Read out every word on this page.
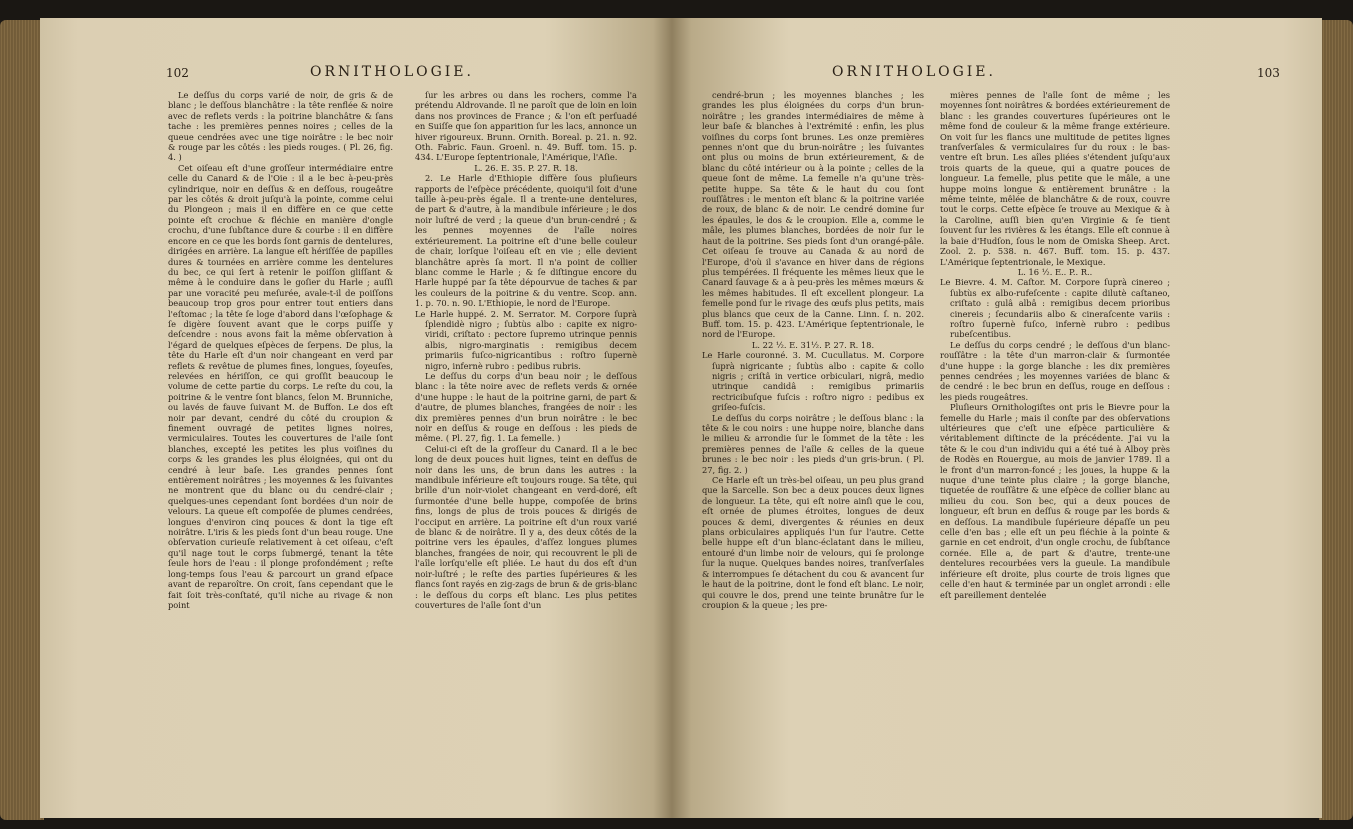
102	ORNITHOLOGIE.

Le deſſus du corps varié de noir, de gris & de blanc ; le deſſous blanchâtre : la tête renflée & noire avec de reflets verds : la poitrine blanchâtre & ſans tache : les premières pennes noires ; celles de la queue cendrées avec une tige noirâtre : le bec noir & rouge par les côtés : les pieds rouges. ( Pl. 26, fig. 4. )

Cet oiſeau eſt d'une groſſeur intermédiaire entre celle du Canard & de l'Oie : il a le bec à-peu-près cylindrique, noir en deſſus & en deſſous, rougeâtre par les côtés & droit juſqu'à la pointe, comme celui du Plongeon ; mais il en diffère en ce que cette pointe eſt crochue & fléchie en manière d'ongle crochu, d'une ſubſtance dure & courbe : il en diffère encore en ce que les bords ſont garnis de dentelures, dirigées en arrière. La langue eſt hériſſée de papilles dures & tournées en arrière comme les dentelures du bec, ce qui ſert à retenir le poiſſon gliſſant & même à le conduire dans le goſier du Harle ; auſſi par une voracité peu meſurée, avale-t-il de poiſſons beaucoup trop gros pour entrer tout entiers dans l'eſtomac ; la tête ſe loge d'abord dans l'œſophage & ſe digère ſouvent avant que le corps puiſſe y deſcendre : nous avons fait la même obſervation à l'égard de quelques eſpèces de ſerpens. De plus, la tête du Harle eſt d'un noir changeant en verd par reflets & revêtue de plumes fines, longues, ſoyeuſes, relevées en hériſſon, ce qui groſſit beaucoup le volume de cette partie du corps. Le reſte du cou, la poitrine & le ventre ſont blancs, ſelon M. Brunniche, ou lavés de fauve ſuivant M. de Buffon. Le dos eſt noir par devant, cendré du côté du croupion & finement ouvragé de petites lignes noires, vermiculaires. Toutes les couvertures de l'aile ſont blanches, excepté les petites les plus voiſines du corps & les grandes les plus éloignées, qui ont du cendré à leur baſe. Les grandes pennes ſont entièrement noirâtres ; les moyennes & les ſuivantes ne montrent que du blanc ou du cendré-clair ; quelques-unes cependant ſont bordées d'un noir de velours. La queue eſt compoſée de plumes cendrées, longues d'environ cinq pouces & dont la tige eſt noirâtre. L'iris & les pieds ſont d'un beau rouge. Une obſervation curieuſe relativement à cet oiſeau, c'eſt qu'il nage tout le corps ſubmergé, tenant la tête ſeule hors de l'eau : il plonge profondément ; reſte long-temps ſous l'eau & parcourt un grand eſpace avant de reparoître. On croit, ſans cependant que le fait ſoit très-conſtaté, qu'il niche au rivage & non point

ſur les arbres ou dans les rochers, comme l'a prétendu Aldrovande. Il ne paroît que de loin en loin dans nos provinces de France ; & l'on eſt perſuadé en Suiſſe que ſon apparition ſur les lacs, annonce un hiver rigoureux. Brunn. Ornith. Boreal. p. 21. n. 92. Oth. Fabric. Faun. Groenl. n. 49. Buff. tom. 15. p. 434. L'Europe ſeptentrionale, l'Amérique, l'Aſie.

L. 26. E. 35. P. 27. R. 18.

2. Le Harle d'Ethiopie diffère ſous pluſieurs rapports de l'eſpèce précédente, quoiqu'il ſoit d'une taille à-peu-près égale. Il a trente-une dentelures, de part & d'autre, à la mandibule inférieure ; le dos noir luſtré de verd ; la queue d'un brun-cendré ; & les pennes moyennes de l'aîle noires extérieurement. La poitrine eſt d'une belle couleur de chair, lorſque l'oiſeau eſt en vie ; elle devient blanchâtre après ſa mort. Il n'a point de collier blanc comme le Harle ; & ſe diſtingue encore du Harle huppé par ſa tête dépourvue de taches & par les couleurs de la poitrine & du ventre. Scop. ann. 1. p. 70. n. 90. L'Ethiopie, le nord de l'Europe.

Le Harle huppé. 2. M. Serrator. M. Corpore ſuprà ſplendidè nigro ; ſubtùs albo : capite ex nigro-viridi, criſtato : pectore ſupremo utrinque pennis albis, nigro-marginatis : remigibus decem primariis fuſco-nigricantibus : roſtro ſupernè nigro, infernè rubro : pedibus rubris.

Le deſſus du corps d'un beau noir ; le deſſous blanc : la tête noire avec de reflets verds & ornée d'une huppe : le haut de la poitrine garni, de part & d'autre, de plumes blanches, frangées de noir : les dix premières pennes d'un brun noirâtre : le bec noir en deſſus & rouge en deſſous : les pieds de même. ( Pl. 27, fig. 1. La femelle. )

Celui-ci eſt de la groſſeur du Canard. Il a le bec long de deux pouces huit lignes, teint en deſſus de noir dans les uns, de brun dans les autres : la mandibule inférieure eſt toujours rouge. Sa tête, qui brille d'un noir-violet changeant en verd-doré, eſt ſurmontée d'une belle huppe, compoſée de brins fins, longs de plus de trois pouces & dirigés de l'occiput en arrière. La poitrine eſt d'un roux varié de blanc & de noirâtre. Il y a, des deux côtés de la poitrine vers les épaules, d'aſſez longues plumes blanches, frangées de noir, qui recouvrent le pli de l'aîle lorſqu'elle eſt pliée. Le haut du dos eſt d'un noir-luſtré ; le reſte des parties ſupérieures & les flancs ſont rayés en zig-zags de brun & de gris-blanc : le deſſous du corps eſt blanc. Les plus petites couvertures de l'aîle ſont d'un

ORNITHOLOGIE.	103

cendré-brun ; les moyennes blanches ; les grandes les plus éloignées du corps d'un brun-noirâtre ; les grandes intermédiaires de même à leur baſe & blanches à l'extrémité : enfin, les plus voiſines du corps ſont brunes. Les onze premières pennes n'ont que du brun-noirâtre ; les ſuivantes ont plus ou moins de brun extérieurement, & de blanc du côté intérieur ou à la pointe ; celles de la queue ſont de même. La femelle n'a qu'une très-petite huppe. Sa tête & le haut du cou ſont rouſſâtres : le menton eſt blanc & la poitrine variée de roux, de blanc & de noir. Le cendré domine ſur les épaules, le dos & le croupion. Elle a, comme le mâle, les plumes blanches, bordées de noir ſur le haut de la poitrine. Ses pieds ſont d'un orangé-pâle. Cet oiſeau ſe trouve au Canada & au nord de l'Europe, d'où il s'avance en hiver dans de régions plus tempérées. Il fréquente les mêmes lieux que le Canard ſauvage & a à peu-près les mêmes mœurs & les mêmes habitudes. Il eſt excellent plongeur. La femelle pond ſur le rivage des œufs plus petits, mais plus blancs que ceux de la Canne. Linn. ſ. n. 202. Buff. tom. 15. p. 423. L'Amérique ſeptentrionale, le nord de l'Europe.

L. 22 ½. E. 31½. P. 27. R. 18.

Le Harle couronné. 3. M. Cucullatus. M. Corpore ſuprà nigricante ; ſubtùs albo : capite & collo nigris ; criſtâ in vertice orbiculari, nigrâ, medio utrinque candidâ : remigibus primariis rectricibuſque fuſcis : roſtro nigro : pedibus ex griſeo-fuſcis.

Le deſſus du corps noirâtre ; le deſſous blanc : la tête & le cou noirs : une huppe noire, blanche dans le milieu & arrondie ſur le ſommet de la tête : les premières pennes de l'aîle & celles de la queue brunes : le bec noir : les pieds d'un gris-brun. ( Pl. 27, fig. 2. )

Ce Harle eſt un très-bel oiſeau, un peu plus grand que la Sarcelle. Son bec a deux pouces deux lignes de longueur. La tête, qui eſt noire ainſi que le cou, eſt ornée de plumes étroites, longues de deux pouces & demi, divergentes & réunies en deux plans orbiculaires appliqués l'un ſur l'autre. Cette belle huppe eſt d'un blanc-éclatant dans le milieu, entouré d'un limbe noir de velours, qui ſe prolonge ſur la nuque. Quelques bandes noires, tranſverſales & interrompues ſe détachent du cou & avancent ſur le haut de la poitrine, dont le fond eſt blanc. Le noir, qui couvre le dos, prend une teinte brunâtre ſur le croupion & la queue ; les pre-

mières pennes de l'aîle ſont de même ; les moyennes ſont noirâtres & bordées extérieurement de blanc : les grandes couvertures ſupérieures ont le même fond de couleur & la même frange extérieure. On voit ſur les flancs une multitude de petites lignes tranſverſales & vermiculaires ſur du roux : le bas-ventre eſt brun. Les aîles pliées s'étendent juſqu'aux trois quarts de la queue, qui a quatre pouces de longueur. La femelle, plus petite que le mâle, a une huppe moins longue & entièrement brunâtre : la même teinte, mêlée de blanchâtre & de roux, couvre tout le corps. Cette eſpèce ſe trouve au Mexique & à la Caroline, auſſi bien qu'en Virginie & ſe tient ſouvent ſur les rivières & les étangs. Elle eſt connue à la baie d'Hudſon, ſous le nom de Omiska Sheep. Arct. Zool. 2. p. 538. n. 467. Buff. tom. 15. p. 437. L'Amérique ſeptentrionale, le Mexique.

L. 16 ½. E.. P.. R..

Le Bievre. 4. M. Caſtor. M. Corpore ſuprà cinereo ; ſubtùs ex albo-rufeſcente : capite dilutè caſtaneo, criſtato : gulâ albâ : remigibus decem prioribus cinereis ; ſecundariis albo & cineraſcente variis : roſtro ſupernè fuſco, infernè rubro : pedibus rubeſcentibus.

Le deſſus du corps cendré ; le deſſous d'un blanc-rouſſâtre : la tête d'un marron-clair & ſurmontée d'une huppe : la gorge blanche : les dix premières pennes cendrées ; les moyennes variées de blanc & de cendré : le bec brun en deſſus, rouge en deſſous : les pieds rougeâtres.

Pluſieurs Ornithologiſtes ont pris le Bievre pour la femelle du Harle ; mais il conſte par des obſervations ultérieures que c'eſt une eſpèce particulière & véritablement diſtincte de la précédente. J'ai vu la tête & le cou d'un individu qui a été tué à Alboy près de Rodès en Rouergue, au mois de janvier 1789. Il a le front d'un marron-foncé ; les joues, la huppe & la nuque d'une teinte plus claire ; la gorge blanche, tiquetée de rouſſâtre & une eſpèce de collier blanc au milieu du cou. Son bec, qui a deux pouces de longueur, eſt brun en deſſus & rouge par les bords & en deſſous. La mandibule ſupérieure dépaſſe un peu celle d'en bas ; elle eſt un peu fléchie à la pointe & garnie en cet endroit, d'un ongle crochu, de ſubſtance cornée. Elle a, de part & d'autre, trente-une dentelures recourbées vers la gueule. La mandibule inférieure eſt droite, plus courte de trois lignes que celle d'en haut & terminée par un onglet arrondi : elle eſt pareillement dentelée
